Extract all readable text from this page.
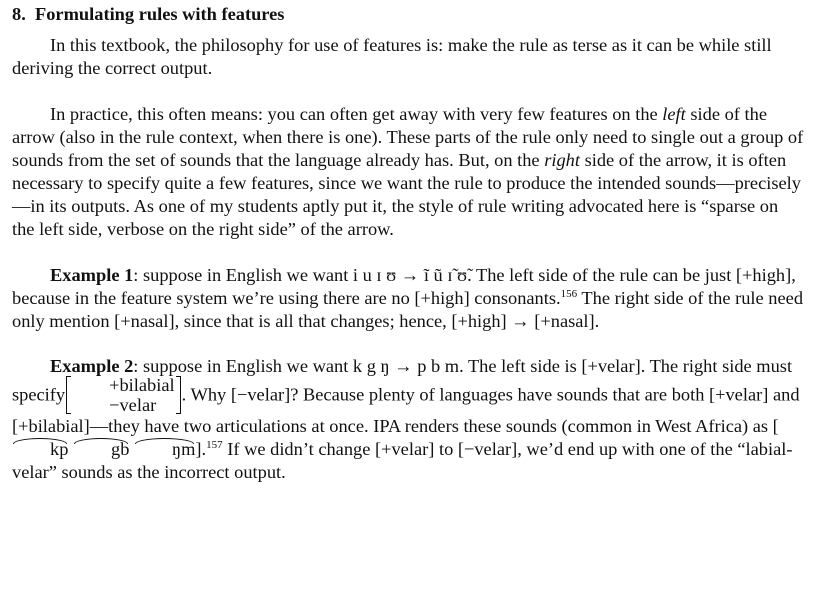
8. Formulating rules with features

In this textbook, the philosophy for use of features is: make the rule as terse as it can be while still deriving the correct output.

In practice, this often means: you can often get away with very few features on the left side of the arrow (also in the rule context, when there is one). These parts of the rule only need to single out a group of sounds from the set of sounds that the language already has. But, on the right side of the arrow, it is often necessary to specify quite a few features, since we want the rule to produce the intended sounds—precisely—in its outputs. As one of my students aptly put it, the style of rule writing advocated here is “sparse on the left side, verbose on the right side” of the arrow.

Example 1: suppose in English we want i u ɪ ʊ → ĩ ũ ɪ̃ ʊ̃. The left side of the rule can be just [+high], because in the feature system we’re using there are no [+high] consonants.$^{156}$ The right side of the rule need only mention [+nasal], since that is all that changes; hence, [+high] → [+nasal].

Example 2: suppose in English we want k g ŋ → p b m. The left side is [+velar]. The right side must specify	+bilabial
−velar
. Why [−velar]? Because plenty of languages have sounds that are both [+velar] and [+bilabial]—they have two articulations at once. IPA renders these sounds (common in West Africa) as [kp gb ŋm].$^{157}$ If we didn’t change [+velar] to [−velar], we’d end up with one of the “labial-velar” sounds as the incorrect output.
